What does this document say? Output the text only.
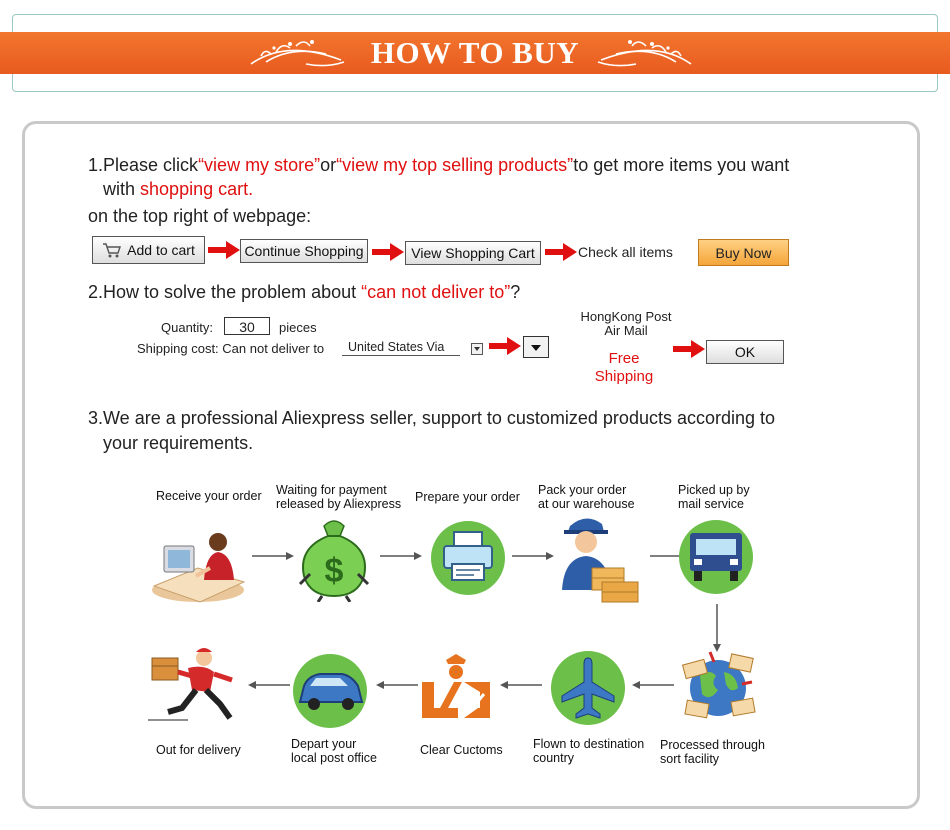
HOW TO BUY
1.Please click“view my store”or“view my top selling products”to get more items you want
with shopping cart.
on the top right of webpage:
Add to cart	Continue Shopping	View Shopping Cart	Check all items	Buy Now
2.How to solve the problem about “can not deliver to”?
Quantity:	30	pieces
Shipping cost: Can not deliver to United States Via
HongKong Post
Air Mail
Free
Shipping
OK
3.We are a professional Aliexpress seller, support to customized products according to
your requirements.
Receive your order Waiting for payment
released by Aliexpress Prepare your order Pack your order
at our warehouse
Picked up by
mail service
$
Out for delivery	Depart your
local post office
Clear Cuctoms Flown to destination
country
Processed through
sort facility
